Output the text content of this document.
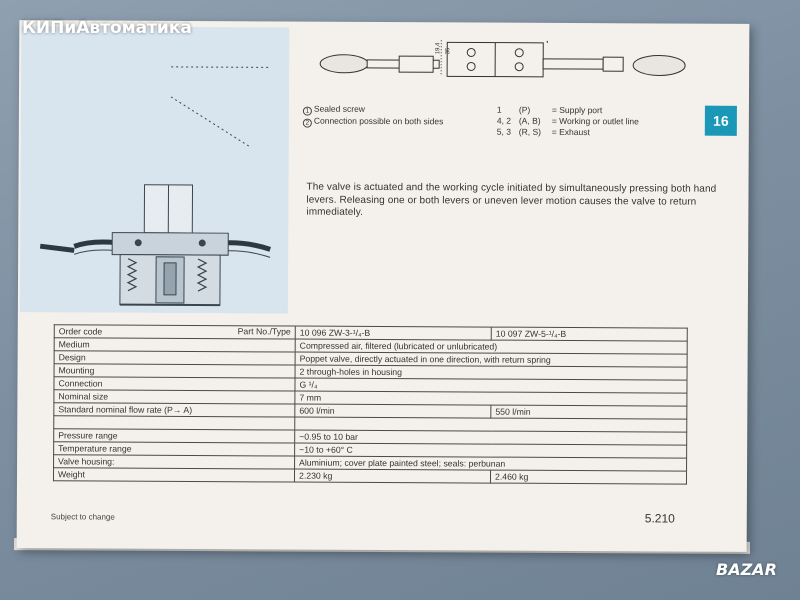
КИПиАвтоматика
19,4 35
1 Sealed screw
2 Connection possible on both sides
1 (P)	= Supply port
4, 2 (A, B) = Working or outlet line
5, 3 (R, S) = Exhaust
16
The valve is actuated and the working cycle initiated by simultaneously pressing both hand levers. Releasing one or both levers or uneven lever motion causes the valve to return immediately.
Order code Part No./Type	10 096 ZW-3-¹/₄-B	10 097 ZW-5-¹/₄-B
Medium	Compressed air, filtered (lubricated or unlubricated)	
Design	Poppet valve, directly actuated in one direction, with return spring	
Mounting	2 through-holes in housing	
Connection	G ¹/₄	
Nominal size	7 mm	
Standard nominal flow rate (P→ A)	600 l/min	550 l/min

Pressure range	−0.95 to 10 bar	
Temperature range	−10 to +60° C	
Valve housing:	Aluminium; cover plate painted steel; seals: perbunan	
Weight	2.230 kg	2.460 kg
Subject to change	5.210
BAZAR
